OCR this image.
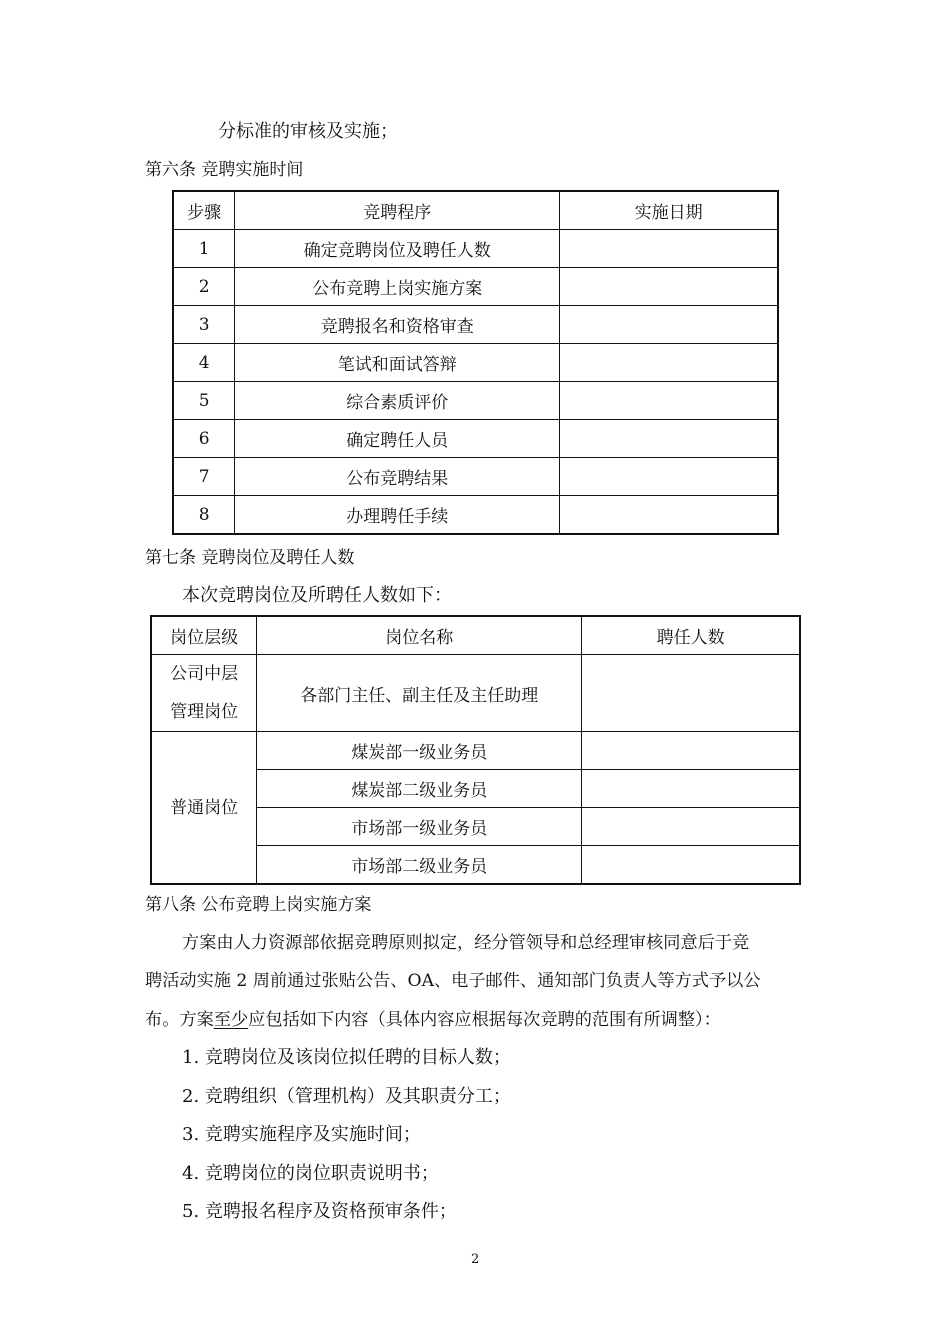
分标准的审核及实施；
第六条 竞聘实施时间
步骤	竞聘程序	实施日期
1	确定竞聘岗位及聘任人数	
2	公布竞聘上岗实施方案	
3	竞聘报名和资格审查	
4	笔试和面试答辩	
5	综合素质评价	
6	确定聘任人员	
7	公布竞聘结果	
8	办理聘任手续	
第七条 竞聘岗位及聘任人数
本次竞聘岗位及所聘任人数如下：
岗位层级	岗位名称	聘任人数
公司中层管理岗位	各部门主任、副主任及主任助理	
普通岗位	煤炭部一级业务员	
	煤炭部二级业务员	
	市场部一级业务员	
	市场部二级业务员	
第八条 公布竞聘上岗实施方案
方案由人力资源部依据竞聘原则拟定，经分管领导和总经理审核同意后于竞
聘活动实施 2 周前通过张贴公告、OA、电子邮件、通知部门负责人等方式予以公
布。方案至少应包括如下内容（具体内容应根据每次竞聘的范围有所调整）：
1. 竞聘岗位及该岗位拟任聘的目标人数；
2. 竞聘组织（管理机构）及其职责分工；
3. 竞聘实施程序及实施时间；
4. 竞聘岗位的岗位职责说明书；
5. 竞聘报名程序及资格预审条件；
2
